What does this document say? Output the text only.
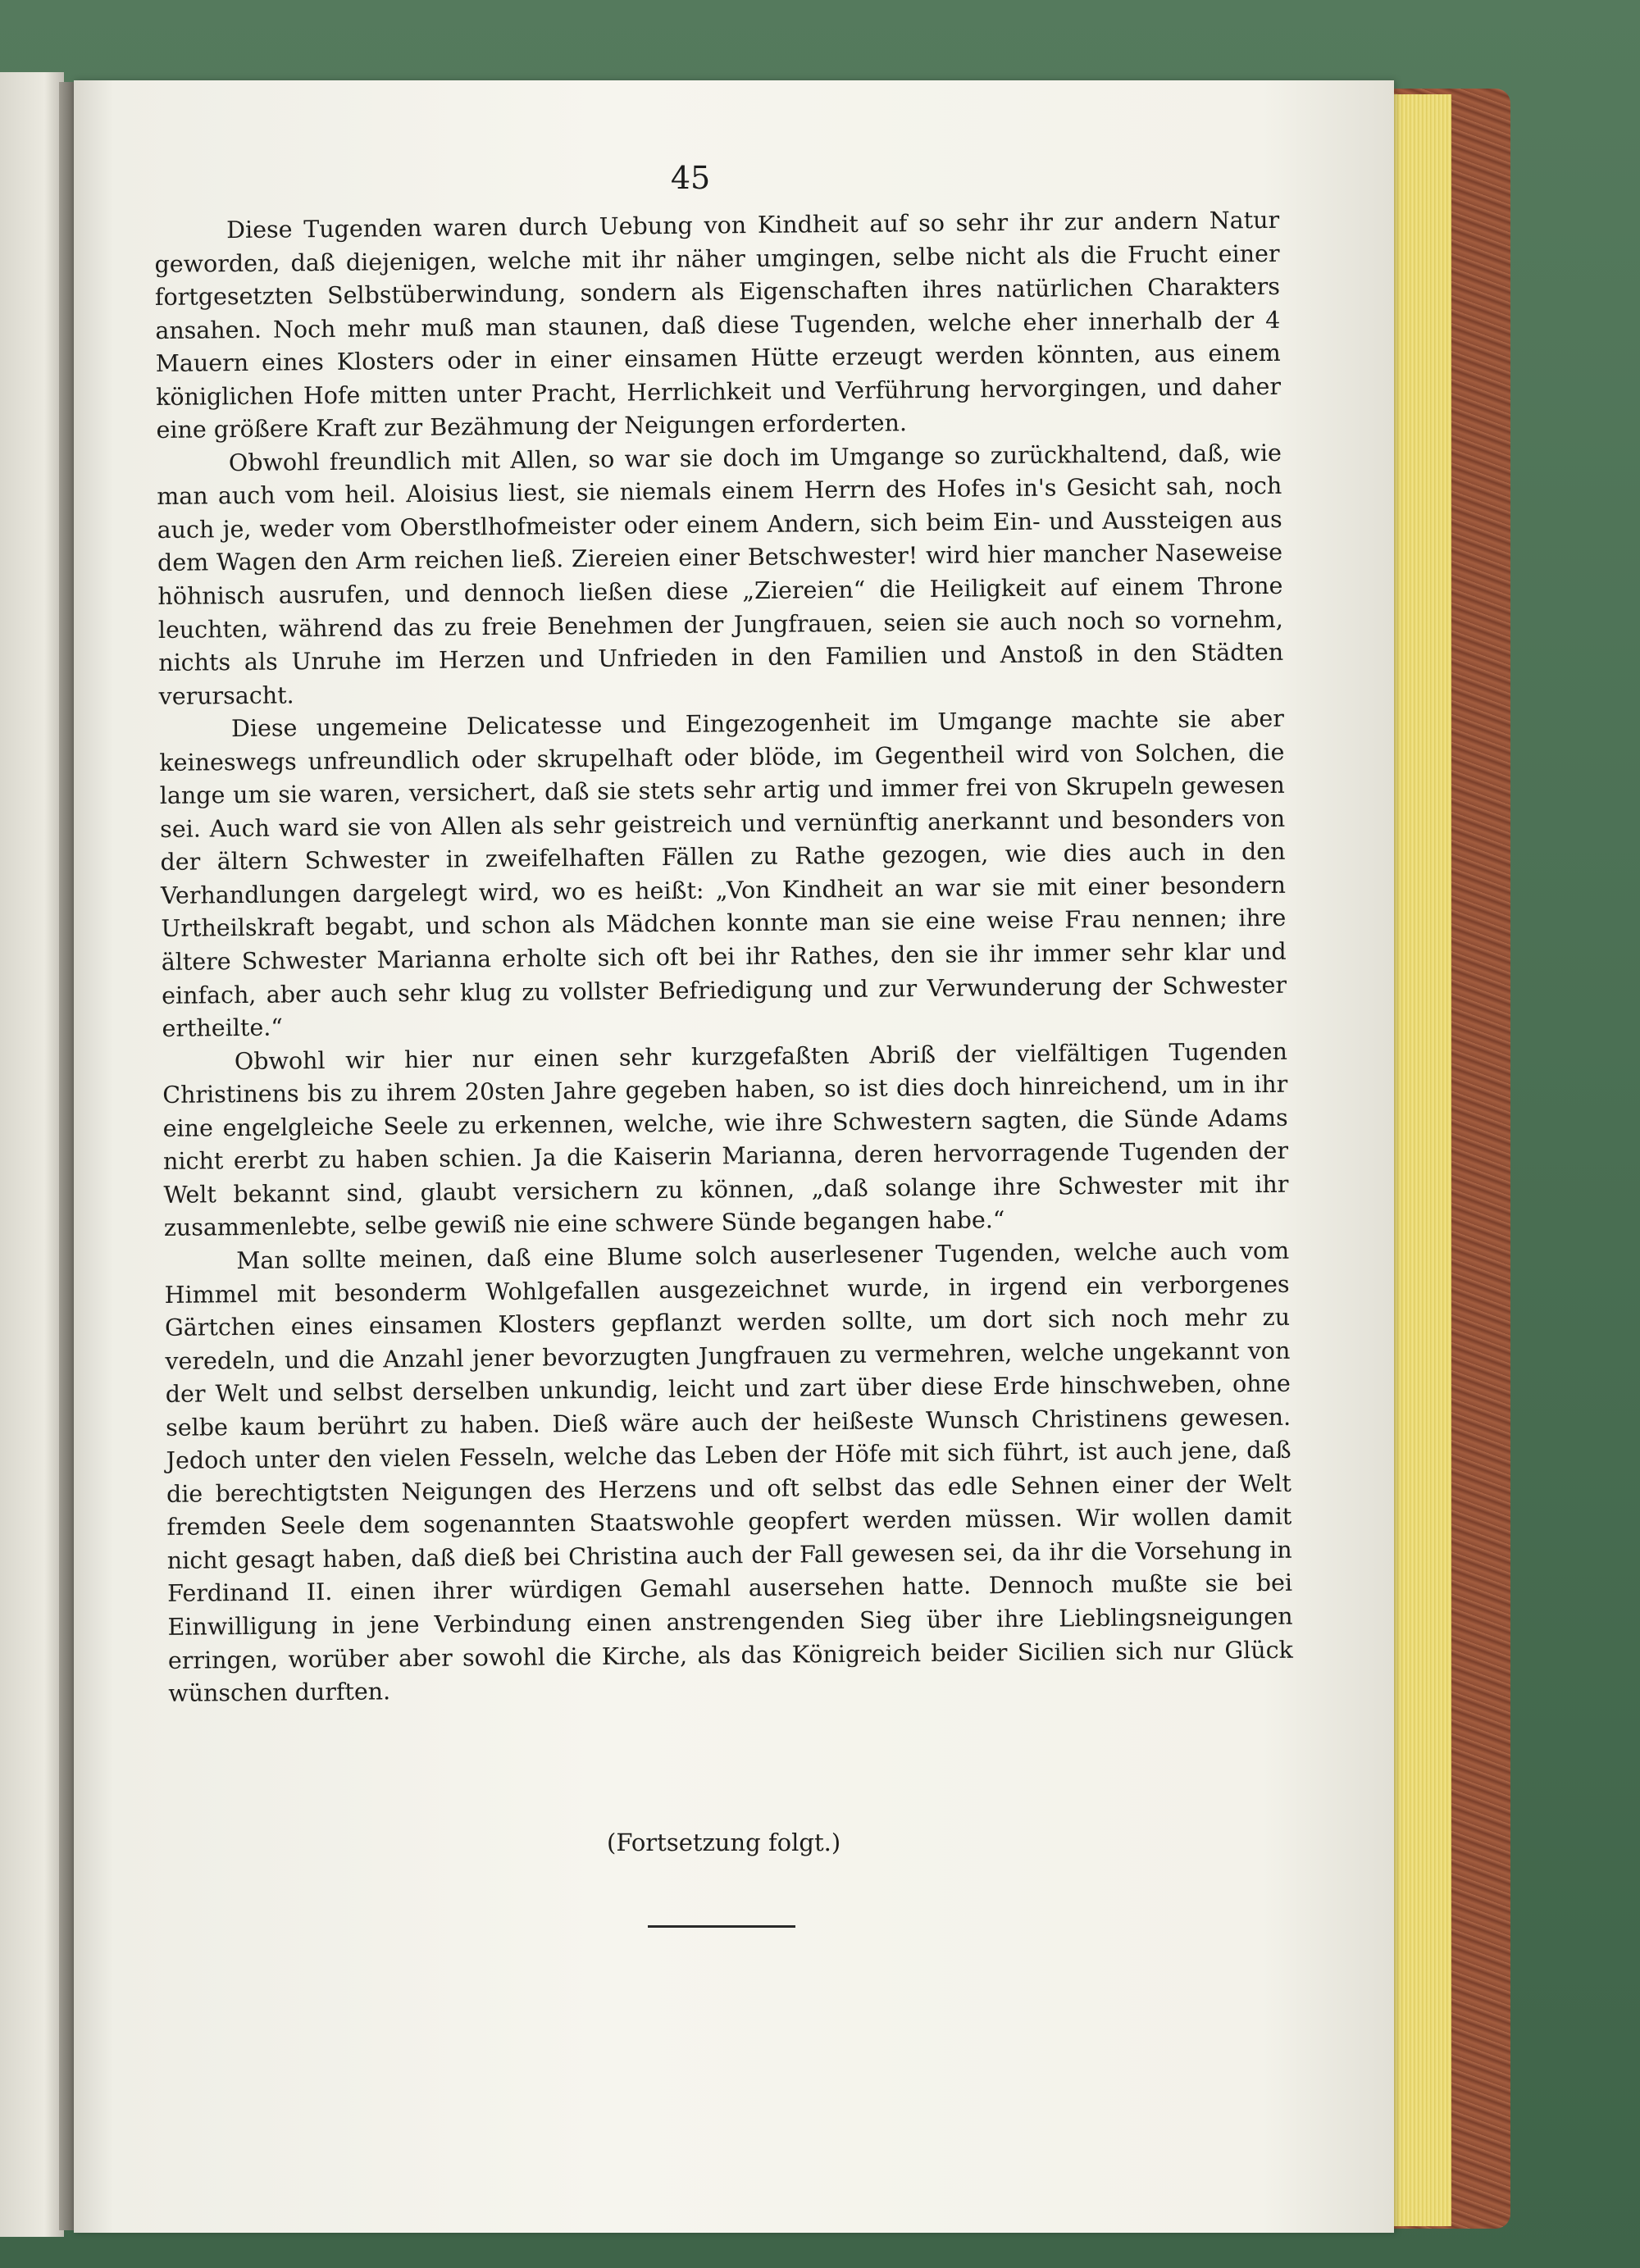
45

Diese Tugenden waren durch Uebung von Kindheit auf so sehr ihr zur andern Natur geworden, daß diejenigen, welche mit ihr näher umgingen, selbe nicht als die Frucht einer fortgesetzten Selbstüberwindung, sondern als Eigenschaften ihres natürlichen Charakters ansahen. Noch mehr muß man staunen, daß diese Tugenden, welche eher innerhalb der 4 Mauern eines Klosters oder in einer einsamen Hütte erzeugt werden könnten, aus einem königlichen Hofe mitten unter Pracht, Herrlichkeit und Verführung hervorgingen, und daher eine größere Kraft zur Bezähmung der Neigungen erforderten.

Obwohl freundlich mit Allen, so war sie doch im Umgange so zurückhaltend, daß, wie man auch vom heil. Aloisius liest, sie niemals einem Herrn des Hofes in's Gesicht sah, noch auch je, weder vom Oberstlhofmeister oder einem Andern, sich beim Ein- und Aussteigen aus dem Wagen den Arm reichen ließ. Ziereien einer Betschwester! wird hier mancher Naseweise höhnisch ausrufen, und dennoch ließen diese „Ziereien“ die Heiligkeit auf einem Throne leuchten, während das zu freie Benehmen der Jungfrauen, seien sie auch noch so vornehm, nichts als Unruhe im Herzen und Unfrieden in den Familien und Anstoß in den Städten verursacht.

Diese ungemeine Delicatesse und Eingezogenheit im Umgange machte sie aber keineswegs unfreundlich oder skrupelhaft oder blöde, im Gegentheil wird von Solchen, die lange um sie waren, versichert, daß sie stets sehr artig und immer frei von Skrupeln gewesen sei. Auch ward sie von Allen als sehr geistreich und vernünftig anerkannt und besonders von der ältern Schwester in zweifelhaften Fällen zu Rathe gezogen, wie dies auch in den Verhandlungen dargelegt wird, wo es heißt: „Von Kindheit an war sie mit einer besondern Urtheilskraft begabt, und schon als Mädchen konnte man sie eine weise Frau nennen; ihre ältere Schwester Marianna erholte sich oft bei ihr Rathes, den sie ihr immer sehr klar und einfach, aber auch sehr klug zu vollster Befriedigung und zur Verwunderung der Schwester ertheilte.“

Obwohl wir hier nur einen sehr kurzgefaßten Abriß der vielfältigen Tugenden Christinens bis zu ihrem 20sten Jahre gegeben haben, so ist dies doch hinreichend, um in ihr eine engelgleiche Seele zu erkennen, welche, wie ihre Schwestern sagten, die Sünde Adams nicht ererbt zu haben schien. Ja die Kaiserin Marianna, deren hervorragende Tugenden der Welt bekannt sind, glaubt versichern zu können, „daß solange ihre Schwester mit ihr zusammenlebte, selbe gewiß nie eine schwere Sünde begangen habe.“

Man sollte meinen, daß eine Blume solch auserlesener Tugenden, welche auch vom Himmel mit besonderm Wohlgefallen ausgezeichnet wurde, in irgend ein verborgenes Gärtchen eines einsamen Klosters gepflanzt werden sollte, um dort sich noch mehr zu veredeln, und die Anzahl jener bevorzugten Jungfrauen zu vermehren, welche ungekannt von der Welt und selbst derselben unkundig, leicht und zart über diese Erde hinschweben, ohne selbe kaum berührt zu haben. Dieß wäre auch der heißeste Wunsch Christinens gewesen. Jedoch unter den vielen Fesseln, welche das Leben der Höfe mit sich führt, ist auch jene, daß die berechtigtsten Neigungen des Herzens und oft selbst das edle Sehnen einer der Welt fremden Seele dem sogenannten Staatswohle geopfert werden müssen. Wir wollen damit nicht gesagt haben, daß dieß bei Christina auch der Fall gewesen sei, da ihr die Vorsehung in Ferdinand II. einen ihrer würdigen Gemahl auserseh​en hatte. Dennoch mußte sie bei Einwilligung in jene Verbindung einen anstrengenden Sieg über ihre Lieblingsneigungen erringen, worüber aber sowohl die Kirche, als das Königreich beider Sicilien sich nur Glück wünschen durften.

(Fortsetzung folgt.)
